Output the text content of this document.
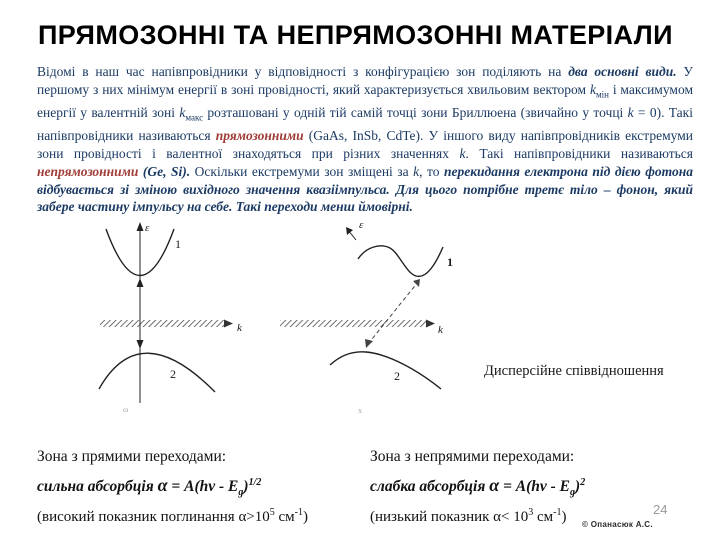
ПРЯМОЗОННІ ТА НЕПРЯМОЗОННІ МАТЕРІАЛИ
Відомі в наш час напівпровідники у відповідності з конфігурацією зон поділяють на два основні види. У першому з них мінімум енергії в зоні провідності, який характеризується хвильовим вектором $k_{мін}$ і максимумом енергії у валентній зоні $k_{макс}$ розташовані у одній тій самій точці зони Бриллюена (звичайно у точці k = 0). Такі напівпровідники називаються прямозонними (GaAs, InSb, CdTe). У іншого виду напівпровідників екстремуми зони провідності і валентної знаходяться при різних значеннях k. Такі напівпровідники називаються непрямозонними (Ge, Si). Оскільки екстремуми зон зміщені за k, то перекидання електрона під дією фотона відбувається зі зміною вихідного значення квазіімпульса. Для цього потрібне третє тіло – фонон, який забере частину імпульсу на себе. Такі переходи менш ймовірні.
ε
1
k
2
ω
ε
1
k
2
x
Дисперсійне співвідношення

Зона з прямими переходами:

сильна абсорбція $\alpha = A(h\nu - E_g)^{1/2}$

(високий показник поглинання $\alpha>10^5$ $см^{-1}$)

Зона з непрямими переходами:

слабка абсорбція $\alpha = A(h\nu - E_g)^2$

(низький показник $\alpha< 10^3$ $см^{-1}$)	24
© Опанасюк А.С.
